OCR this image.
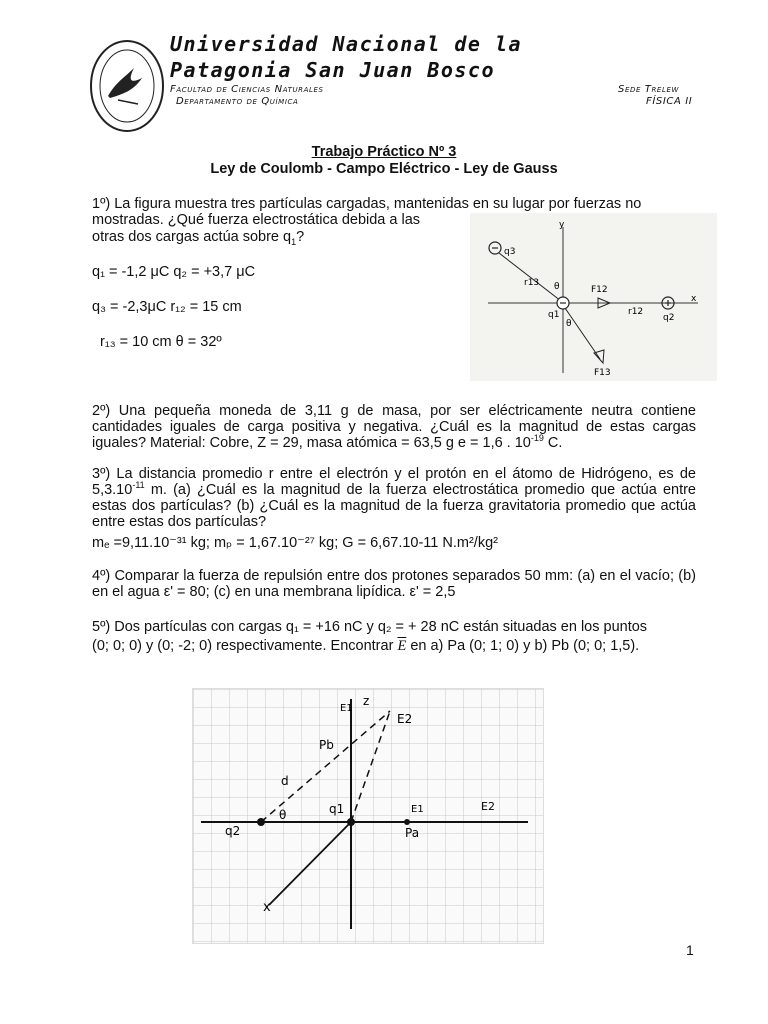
Universidad Nacional de la
Patagonia San Juan Bosco
Facultad de Ciencias Naturales
Departamento de Química
Sede Trelew
FÍSICA II
Trabajo Práctico Nº 3
Ley de Coulomb - Campo Eléctrico - Ley de Gauss
1º) La figura muestra tres partículas cargadas, mantenidas en su lugar por fuerzas no
mostradas. ¿Qué fuerza electrostática debida a las
otras dos cargas actúa sobre $q_1$?
q₁ = -1,2 μC q₂ = +3,7 μC
q₃ = -2,3μC r₁₂ = 15 cm
r₁₃ = 10 cm θ = 32º
y
x
q3
r13
q1
θ
θ
F12
r12
q2
F13
2º) Una pequeña moneda de 3,11 g de masa, por ser eléctricamente neutra contiene cantidades iguales de carga positiva y negativa. ¿Cuál es la magnitud de estas cargas iguales? Material: Cobre, Z = 29, masa atómica = 63,5 g e = 1,6 . $10^{-19}$ C.
3º) La distancia promedio r entre el electrón y el protón en el átomo de Hidrógeno, es de $5,3.10^{-11}$ m. (a) ¿Cuál es la magnitud de la fuerza electrostática promedio que actúa entre estas dos partículas? (b) ¿Cuál es la magnitud de la fuerza gravitatoria promedio que actúa entre estas dos partículas?
mₑ =9,11.10⁻³¹ kg; mₚ = 1,67.10⁻²⁷ kg; G = 6,67.10-11 N.m²/kg²
4º) Comparar la fuerza de repulsión entre dos protones separados 50 mm: (a) en el vacío; (b) en el agua ε' = 80; (c) en una membrana lipídica. ε' = 2,5
5º) Dos partículas con cargas q₁ = +16 nC y q₂ = + 28 nC están situadas en los puntos
(0; 0; 0) y (0; -2; 0) respectivamente. Encontrar $\overline{E}$ en a) Pa (0; 1; 0) y b) Pb (0; 0; 1,5).
x
z
E1
E2
Pb
d
θ
q2
q1
Pa
E1	E2
1
